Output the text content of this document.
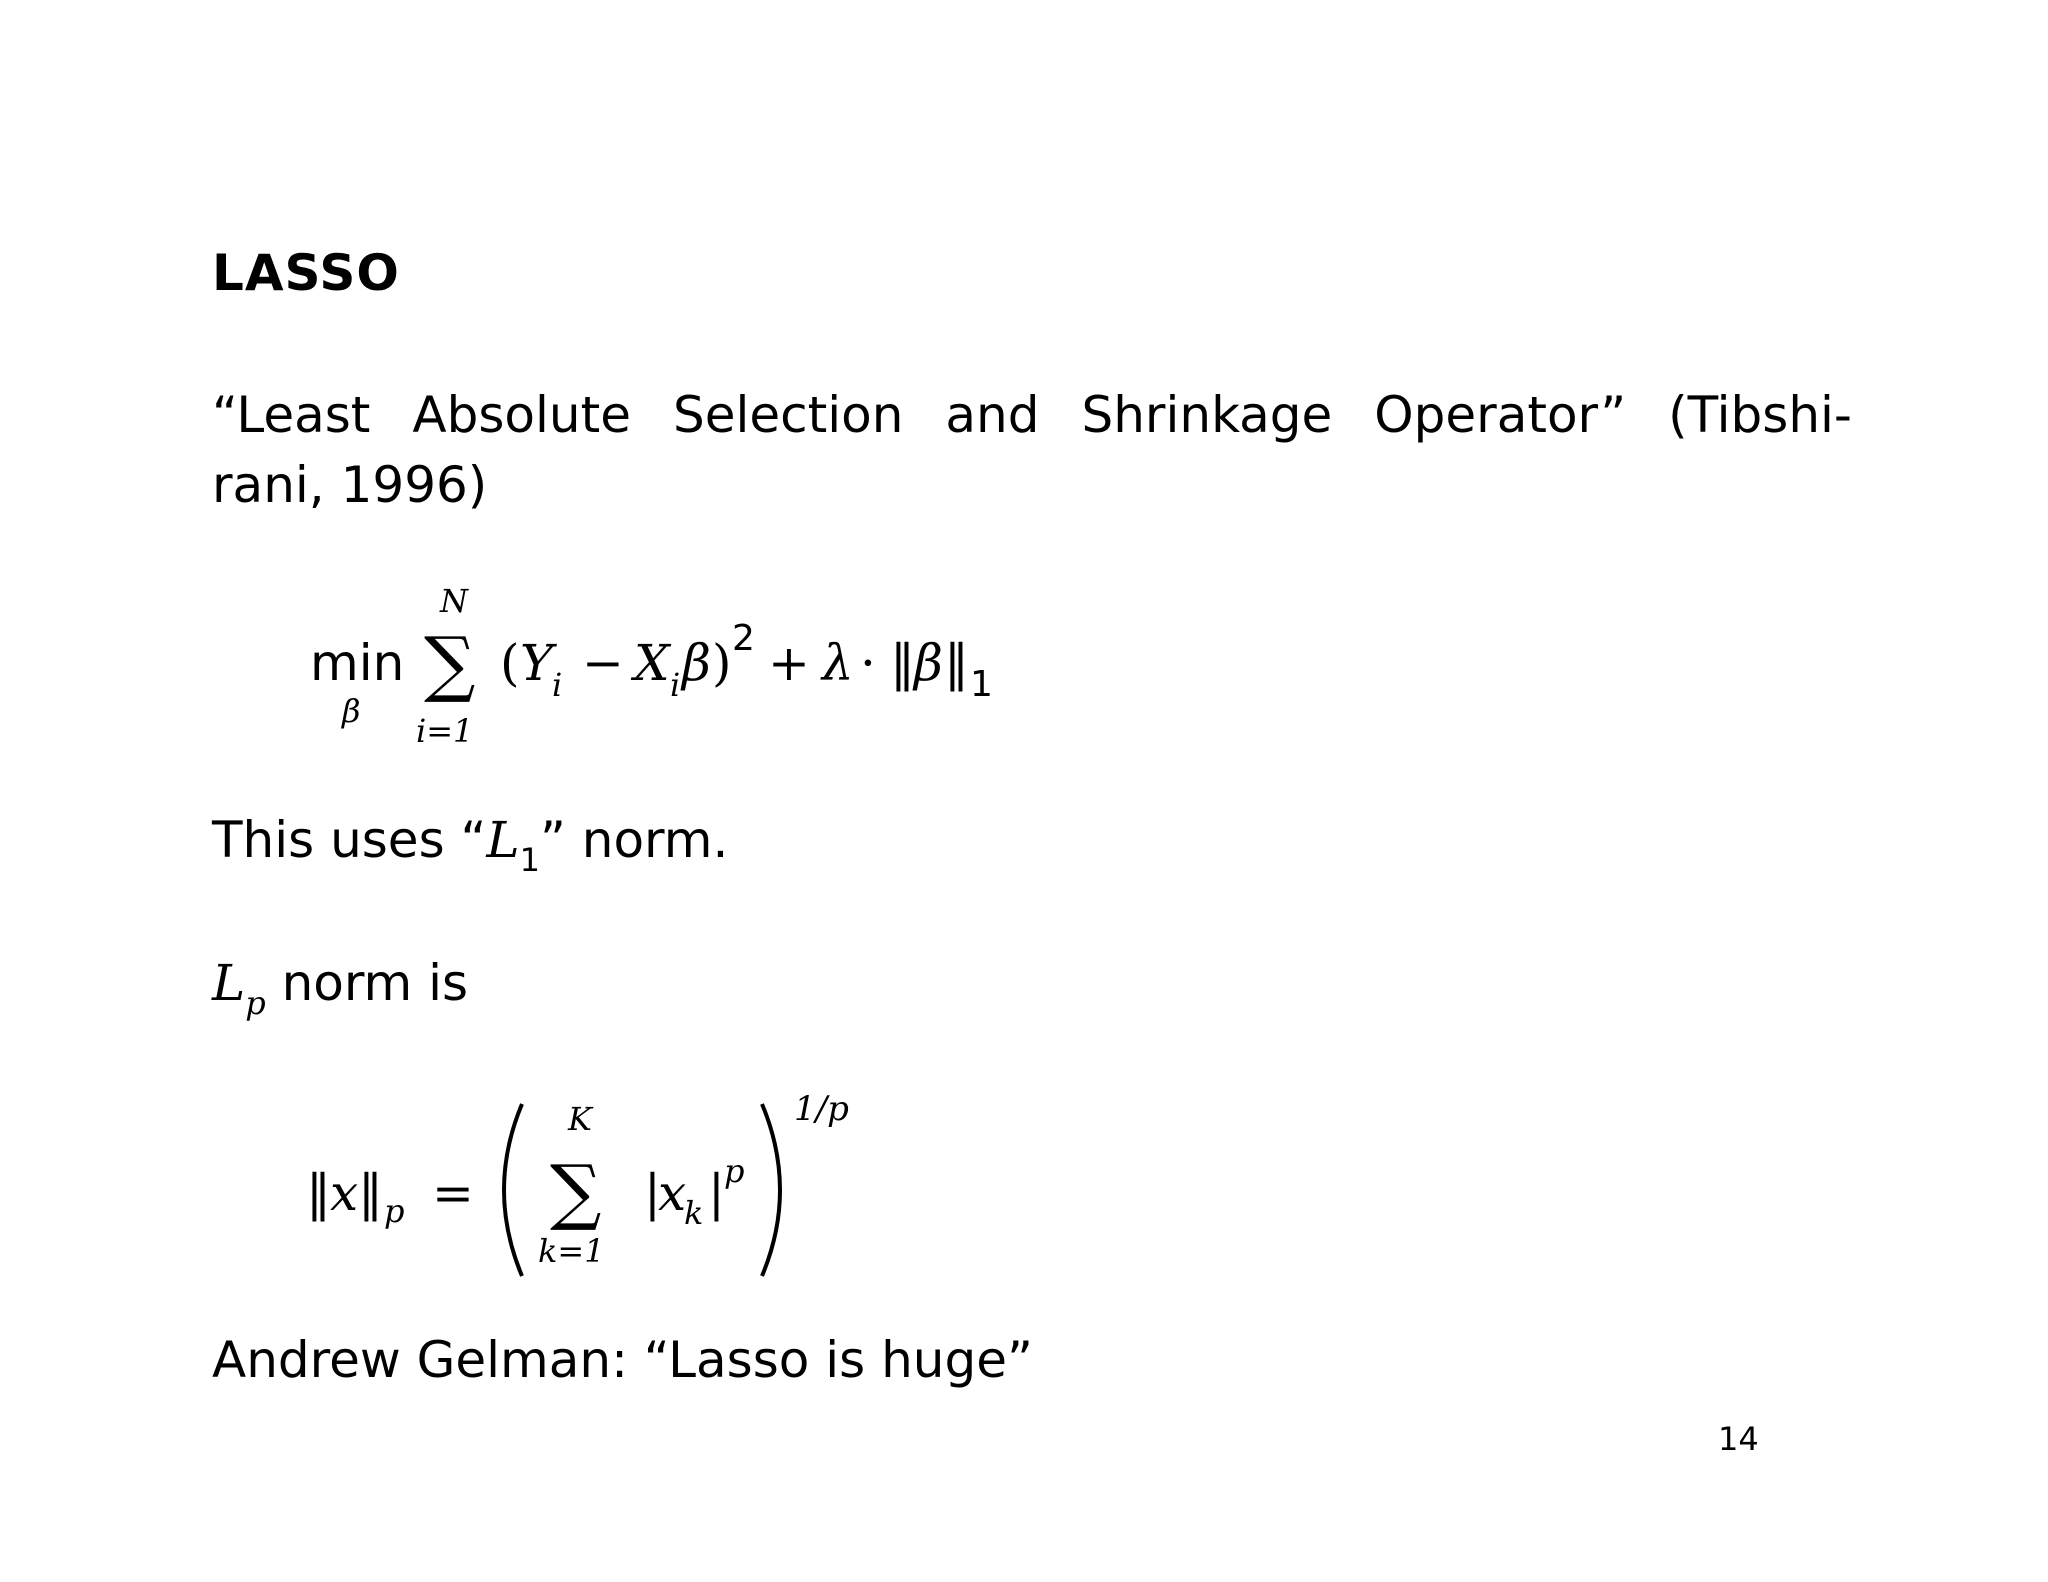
LASSO
“Least Absolute Selection and Shrinkage Operator” (Tibshi-
rani, 1996)
min
β
N
∑
i=1
( Y
i − X i β ) 2 + λ · ‖ β ‖ 1
This uses “$L_1$” norm.
$L_p$ norm is
‖ x ‖ p =
K
∑
k=1
|
x
k | p
1/p
Andrew Gelman: “Lasso is huge”
14
